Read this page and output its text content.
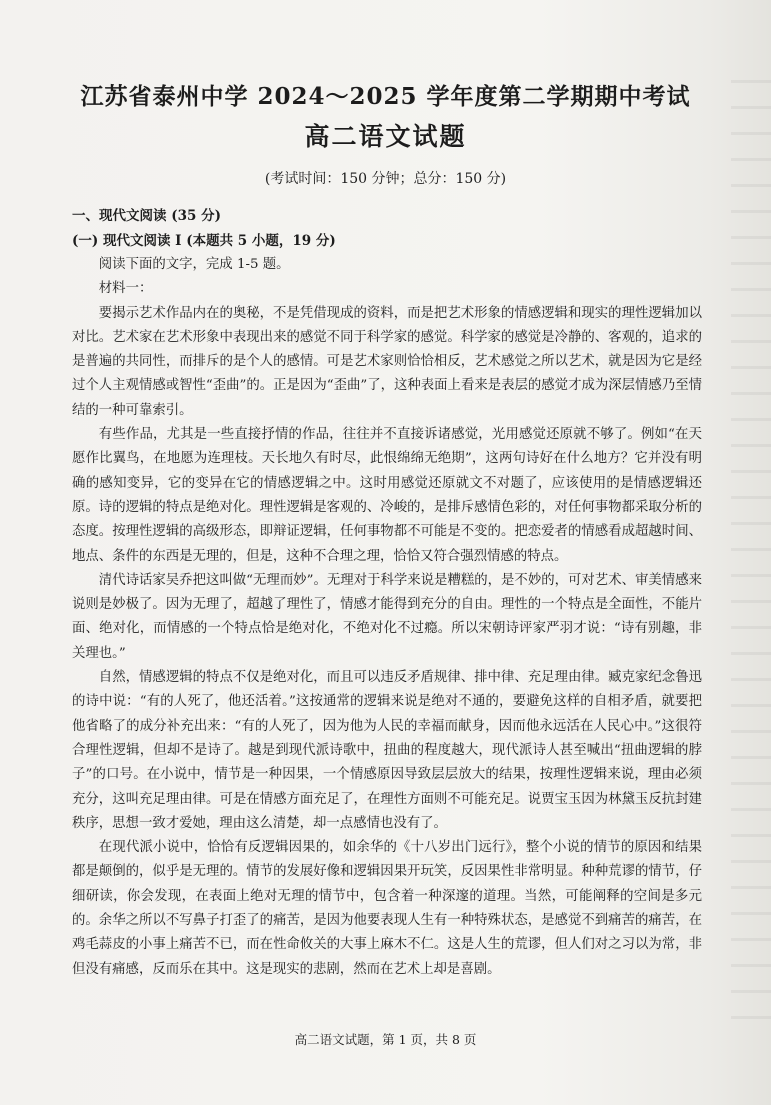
江苏省泰州中学 2024～2025 学年度第二学期期中考试
高二语文试题
(考试时间：150 分钟；总分：150 分)
一、现代文阅读 (35 分)
(一) 现代文阅读 Ⅰ (本题共 5 小题，19 分)

阅读下面的文字，完成 1-5 题。

材料一：

要揭示艺术作品内在的奥秘，不是凭借现成的资料，而是把艺术形象的情感逻辑和现实的理性逻辑加以对比。艺术家在艺术形象中表现出来的感觉不同于科学家的感觉。科学家的感觉是冷静的、客观的，追求的是普遍的共同性，而排斥的是个人的感情。可是艺术家则恰恰相反，艺术感觉之所以艺术，就是因为它是经过个人主观情感或智性“歪曲”的。正是因为“歪曲”了，这种表面上看来是表层的感觉才成为深层情感乃至情结的一种可靠索引。

有些作品，尤其是一些直接抒情的作品，往往并不直接诉诸感觉，光用感觉还原就不够了。例如“在天愿作比翼鸟，在地愿为连理枝。天长地久有时尽，此恨绵绵无绝期”，这两句诗好在什么地方？它并没有明确的感知变异，它的变异在它的情感逻辑之中。这时用感觉还原就文不对题了，应该使用的是情感逻辑还原。诗的逻辑的特点是绝对化。理性逻辑是客观的、冷峻的，是排斥感情色彩的，对任何事物都采取分析的态度。按理性逻辑的高级形态，即辩证逻辑，任何事物都不可能是不变的。把恋爱者的情感看成超越时间、地点、条件的东西是无理的，但是，这种不合理之理，恰恰又符合强烈情感的特点。

清代诗话家吴乔把这叫做“无理而妙”。无理对于科学来说是糟糕的，是不妙的，可对艺术、审美情感来说则是妙极了。因为无理了，超越了理性了，情感才能得到充分的自由。理性的一个特点是全面性，不能片面、绝对化，而情感的一个特点恰是绝对化，不绝对化不过瘾。所以宋朝诗评家严羽才说：“诗有别趣，非关理也。”

自然，情感逻辑的特点不仅是绝对化，而且可以违反矛盾规律、排中律、充足理由律。臧克家纪念鲁迅的诗中说：“有的人死了，他还活着。”这按通常的逻辑来说是绝对不通的，要避免这样的自相矛盾，就要把他省略了的成分补充出来：“有的人死了，因为他为人民的幸福而献身，因而他永远活在人民心中。”这很符合理性逻辑，但却不是诗了。越是到现代派诗歌中，扭曲的程度越大，现代派诗人甚至喊出“扭曲逻辑的脖子”的口号。在小说中，情节是一种因果，一个情感原因导致层层放大的结果，按理性逻辑来说，理由必须充分，这叫充足理由律。可是在情感方面充足了，在理性方面则不可能充足。说贾宝玉因为林黛玉反抗封建秩序，思想一致才爱她，理由这么清楚，却一点感情也没有了。

在现代派小说中，恰恰有反逻辑因果的，如余华的《十八岁出门远行》，整个小说的情节的原因和结果都是颠倒的，似乎是无理的。情节的发展好像和逻辑因果开玩笑，反因果性非常明显。种种荒谬的情节，仔细研读，你会发现，在表面上绝对无理的情节中，包含着一种深邃的道理。当然，可能阐释的空间是多元的。余华之所以不写鼻子打歪了的痛苦，是因为他要表现人生有一种特殊状态，是感觉不到痛苦的痛苦，在鸡毛蒜皮的小事上痛苦不已，而在性命攸关的大事上麻木不仁。这是人生的荒谬，但人们对之习以为常，非但没有痛感，反而乐在其中。这是现实的悲剧，然而在艺术上却是喜剧。

高二语文试题，第 1 页，共 8 页
